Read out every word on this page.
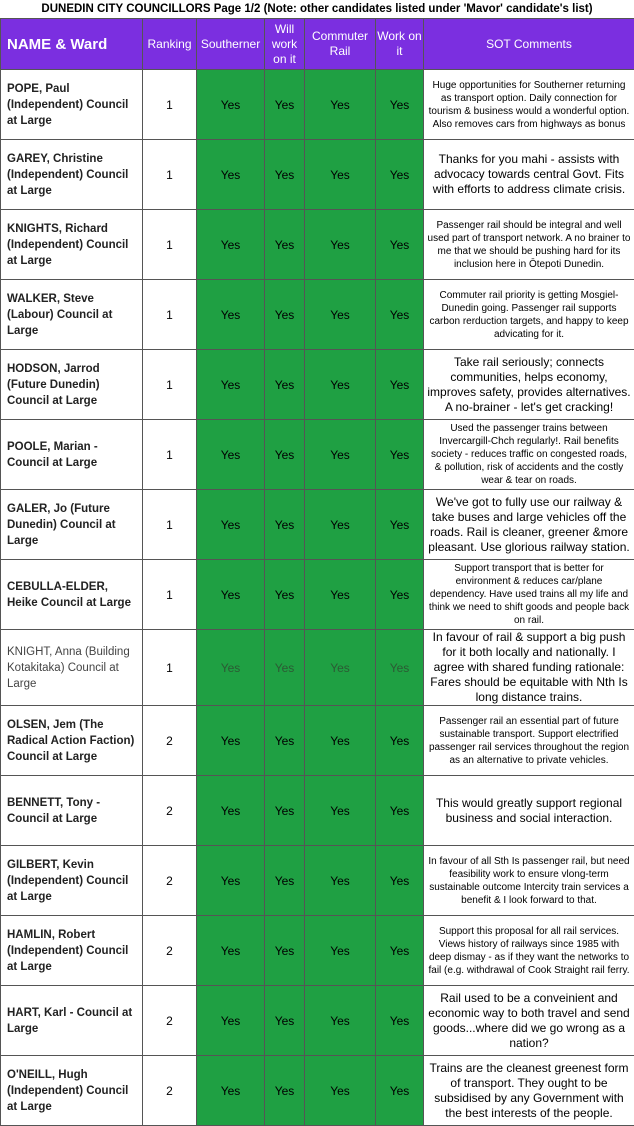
DUNEDIN CITY COUNCILLORS Page 1/2 (Note: other candidates listed under 'Mavor' candidate's list)
NAME & Ward	Ranking	Southerner	Will work on it	Commuter Rail	Work on it	SOT Comments
POPE, Paul (Independent) Council at Large	1	Yes	Yes	Yes	Yes	Huge opportunities for Southerner returning as transport option. Daily connection for tourism & business would a wonderful option. Also removes cars from highways as bonus
GAREY, Christine (Independent) Council at Large	1	Yes	Yes	Yes	Yes	Thanks for you mahi - assists with advocacy towards central Govt. Fits with efforts to address climate crisis.
KNIGHTS, Richard (Independent) Council at Large	1	Yes	Yes	Yes	Yes	Passenger rail should be integral and well used part of transport network. A no brainer to me that we should be pushing hard for its inclusion here in Ōtepoti Dunedin.
WALKER, Steve (Labour) Council at Large	1	Yes	Yes	Yes	Yes	Commuter rail priority is getting Mosgiel-Dunedin going. Passenger rail supports carbon rerduction targets, and happy to keep advicating for it.
HODSON, Jarrod (Future Dunedin) Council at Large	1	Yes	Yes	Yes	Yes	Take rail seriously; connects communities, helps economy, improves safety, provides alternatives. A no-brainer - let's get cracking!
POOLE, Marian - Council at Large	1	Yes	Yes	Yes	Yes	Used the passenger trains between Invercargill-Chch regularly!. Rail benefits society - reduces traffic on congested roads, & pollution, risk of accidents and the costly wear & tear on roads.
GALER, Jo (Future Dunedin) Council at Large	1	Yes	Yes	Yes	Yes	We've got to fully use our railway & take buses and large vehicles off the roads. Rail is cleaner, greener &more pleasant. Use glorious railway station.
CEBULLA-ELDER, Heike Council at Large	1	Yes	Yes	Yes	Yes	Support transport that is better for environment & reduces car/plane dependency. Have used trains all my life and think we need to shift goods and people back on rail.
KNIGHT, Anna (Building Kotakitaka) Council at Large	1	Yes	Yes	Yes	Yes	In favour of rail & support a big push for it both locally and nationally. I agree with shared funding rationale: Fares should be equitable with Nth Is long distance trains.
OLSEN, Jem (The Radical Action Faction) Council at Large	2	Yes	Yes	Yes	Yes	Passenger rail an essential part of future sustainable transport. Support electrified passenger rail services throughout the region as an alternative to private vehicles.
BENNETT, Tony - Council at Large	2	Yes	Yes	Yes	Yes	This would greatly support regional business and social interaction.
GILBERT, Kevin (Independent) Council at Large	2	Yes	Yes	Yes	Yes	In favour of all Sth Is passenger rail, but need feasibility work to ensure vlong-term sustainable outcome Intercity train services a benefit & I look forward to that.
HAMLIN, Robert (Independent) Council at Large	2	Yes	Yes	Yes	Yes	Support this proposal for all rail services. Views history of railways since 1985 with deep dismay - as if they want the networks to fail (e.g. withdrawal of Cook Straight rail ferry.
HART, Karl - Council at Large	2	Yes	Yes	Yes	Yes	Rail used to be a conveinient and economic way to both travel and send goods...where did we go wrong as a nation?
O'NEILL, Hugh (Independent) Council at Large	2	Yes	Yes	Yes	Yes	Trains are the cleanest greenest form of transport. They ought to be subsidised by any Government with the best interests of the people.
